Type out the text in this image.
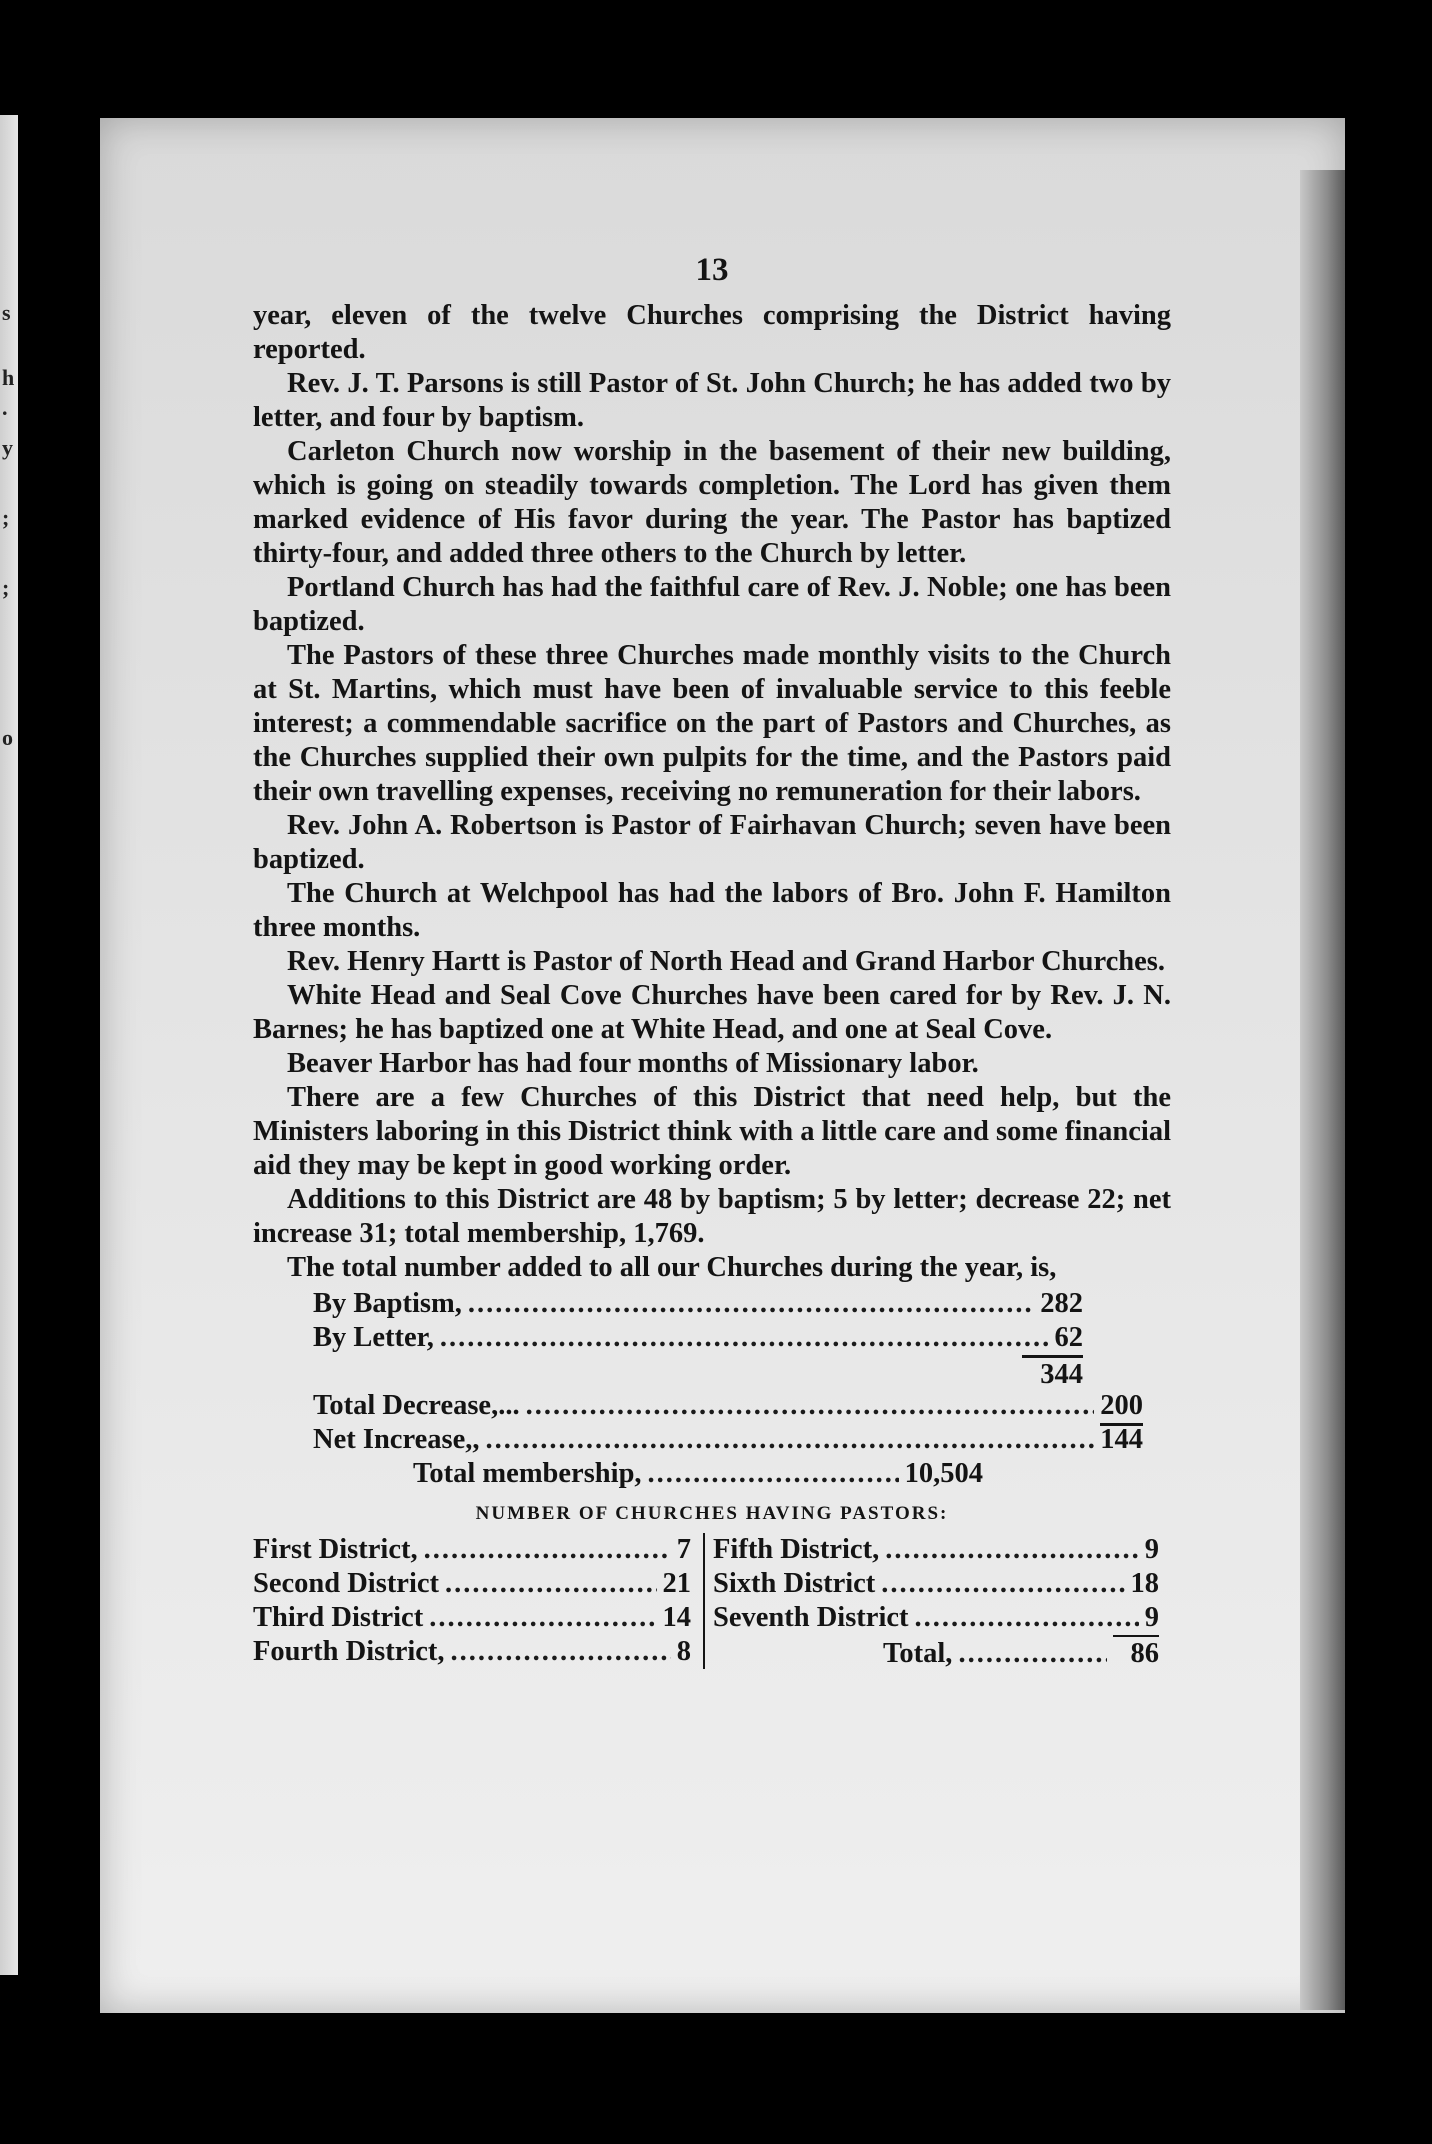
s
h
.
y
;
;
o
13

year, eleven of the twelve Churches comprising the District having reported.

Rev. J. T. Parsons is still Pastor of St. John Church; he has added two by letter, and four by baptism.

Carleton Church now worship in the basement of their new building, which is going on steadily towards completion. The Lord has given them marked evidence of His favor during the year. The Pastor has baptized thirty-four, and added three others to the Church by letter.

Portland Church has had the faithful care of Rev. J. Noble; one has been baptized.

The Pastors of these three Churches made monthly visits to the Church at St. Martins, which must have been of invaluable service to this feeble interest; a commendable sacrifice on the part of Pastors and Churches, as the Churches supplied their own pulpits for the time, and the Pastors paid their own travelling expenses, receiving no remuneration for their labors.

Rev. John A. Robertson is Pastor of Fairhavan Church; seven have been baptized.

The Church at Welchpool has had the labors of Bro. John F. Hamilton three months.

Rev. Henry Hartt is Pastor of North Head and Grand Harbor Churches.

White Head and Seal Cove Churches have been cared for by Rev. J. N. Barnes; he has baptized one at White Head, and one at Seal Cove.

Beaver Harbor has had four months of Missionary labor.

There are a few Churches of this District that need help, but the Ministers laboring in this District think with a little care and some financial aid they may be kept in good working order.

Additions to this District are 48 by baptism; 5 by letter; decrease 22; net increase 31; total membership, 1,769.

The total number added to all our Churches during the year, is,

By Baptism, .....	282
By Letter, .....	62
344
Total Decrease,... .....	200
Net Increase,, .....	144
Total membership, .....	10,504
NUMBER OF CHURCHES HAVING PASTORS:
First District, .....	7
Second District .....	21
Third District .....	14
Fourth District, .....	8
Fifth District, .....	9
Sixth District .....	18
Seventh District .....	9
Total, .....	86
